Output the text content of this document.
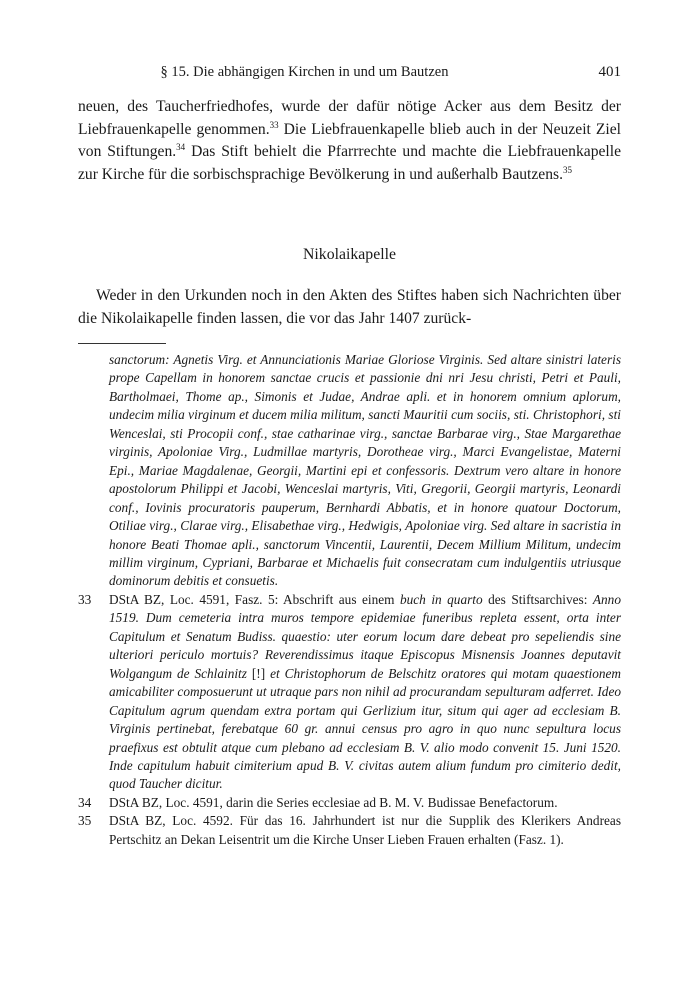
§ 15. Die abhängigen Kirchen in und um Bautzen	401

neuen, des Taucherfriedhofes, wurde der dafür nötige Acker aus dem Besitz der Liebfrauenkapelle genommen.$^{33}$ Die Liebfrauenkapelle blieb auch in der Neuzeit Ziel von Stiftungen.$^{34}$ Das Stift behielt die Pfarrrechte und machte die Liebfrauenkapelle zur Kirche für die sorbischsprachige Bevölkerung in und außerhalb Bautzens.$^{35}$

Nikolaikapelle

Weder in den Urkunden noch in den Akten des Stiftes haben sich Nachrichten über die Nikolaikapelle finden lassen, die vor das Jahr 1407 zurück-

sanctorum: Agnetis Virg. et Annunciationis Mariae Gloriose Virginis. Sed altare sinistri lateris prope Capellam in honorem sanctae crucis et passionie dni nri Jesu christi, Petri et Pauli, Bartholmaei, Thome ap., Simonis et Judae, Andrae apli. et in honorem omnium aplorum, undecim milia virginum et ducem milia militum, sancti Mauritii cum sociis, sti. Christophori, sti Wenceslai, sti Procopii conf., stae catharinae virg., sanctae Barbarae virg., Stae Margarethae virginis, Apoloniae Virg., Ludmillae martyris, Dorotheae virg., Marci Evangelistae, Materni Epi., Mariae Magdalenae, Georgii, Martini epi et confessoris. Dextrum vero altare in honore apostolorum Philippi et Jacobi, Wenceslai martyris, Viti, Gregorii, Georgii martyris, Leonardi conf., Iovinis procuratoris pauperum, Bernhardi Abbatis, et in honore quatour Doctorum, Otiliae virg., Clarae virg., Elisabethae virg., Hedwigis, Apoloniae virg. Sed altare in sacristia in honore Beati Thomae apli., sanctorum Vincentii, Laurentii, Decem Millium Militum, undecim millim virginum, Cypriani, Barbarae et Michaelis fuit consecratam cum indulgentiis utriusque dominorum debitis et consuetis.
33 DStA BZ, Loc. 4591, Fasz. 5: Abschrift aus einem buch in quarto des Stiftsarchives: Anno 1519. Dum cemeteria intra muros tempore epidemiae funeribus repleta essent, orta inter Capitulum et Senatum Budiss. quaestio: uter eorum locum dare debeat pro sepeliendis sine ulteriori periculo mortuis? Reverendissimus itaque Episcopus Misnensis Joannes deputavit Wolgangum de Schlainitz [!] et Christophorum de Belschitz oratores qui motam quaestionem amicabiliter composuerunt ut utraque pars non nihil ad procurandam sepulturam adferret. Ideo Capitulum agrum quendam extra portam qui Gerlizium itur, situm qui ager ad ecclesiam B. Virginis pertinebat, ferebatque 60 gr. annui census pro agro in quo nunc sepultura locus praefixus est obtulit atque cum plebano ad ecclesiam B. V. alio modo convenit 15. Juni 1520. Inde capitulum habuit cimiterium apud B. V. civitas autem alium fundum pro cimiterio dedit, quod Taucher dicitur.
34 DStA BZ, Loc. 4591, darin die Series ecclesiae ad B. M. V. Budissae Benefactorum.
35 DStA BZ, Loc. 4592. Für das 16. Jahrhundert ist nur die Supplik des Klerikers Andreas Pertschitz an Dekan Leisentrit um die Kirche Unser Lieben Frauen erhalten (Fasz. 1).
